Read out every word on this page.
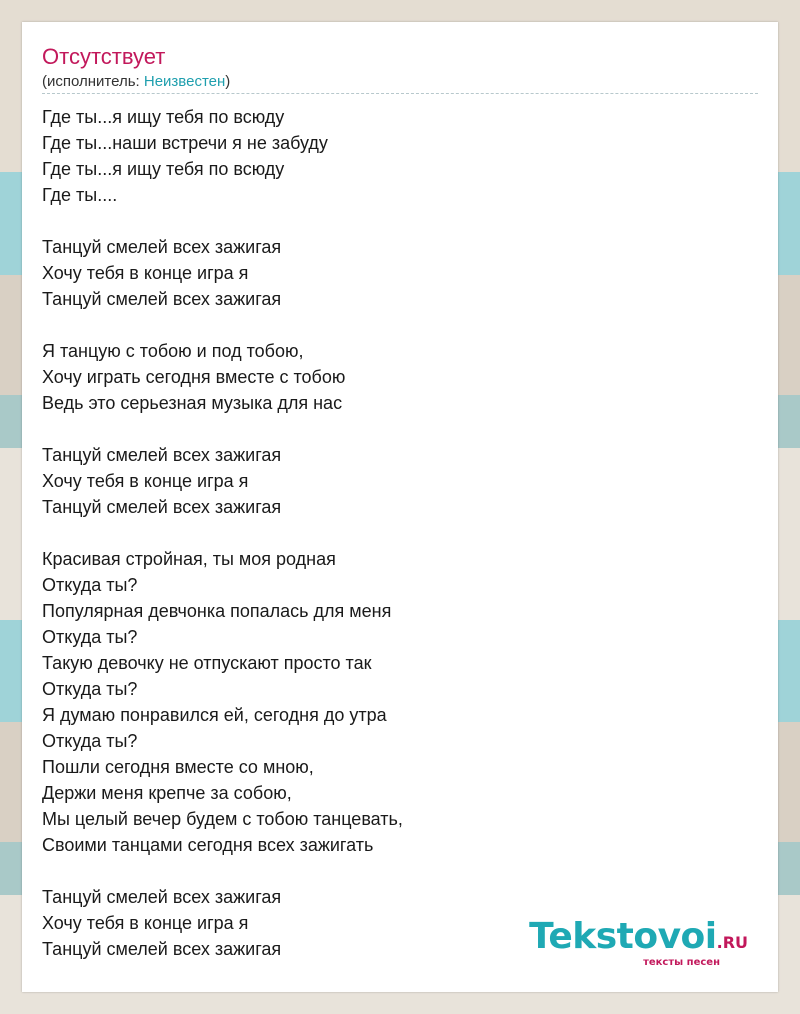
Отсутствует
(исполнитель: Неизвестен)
Где ты...я ищу тебя по всюду
Где ты...наши встречи я не забуду
Где ты...я ищу тебя по всюду
Где ты....
Танцуй смелей всех зажигая
Хочу тебя в конце игра я
Танцуй смелей всех зажигая
Я танцую с тобою и под тобою,
Хочу играть сегодня вместе с тобою
Ведь это серьезная музыка для нас
Танцуй смелей всех зажигая
Хочу тебя в конце игра я
Танцуй смелей всех зажигая
Красивая стройная, ты моя родная
Откуда ты?
Популярная девчонка попалась для меня
Откуда ты?
Такую девочку не отпускают просто так
Откуда ты?
Я думаю понравился ей, сегодня до утра
Откуда ты?
Пошли сегодня вместе со мною,
Держи меня крепче за собою,
Мы целый вечер будем с тобою танцевать,
Своими танцами сегодня всех зажигать
Танцуй смелей всех зажигая
Хочу тебя в конце игра я
Танцуй смелей всех зажигая	Tekstovoi.RU
тексты песен
